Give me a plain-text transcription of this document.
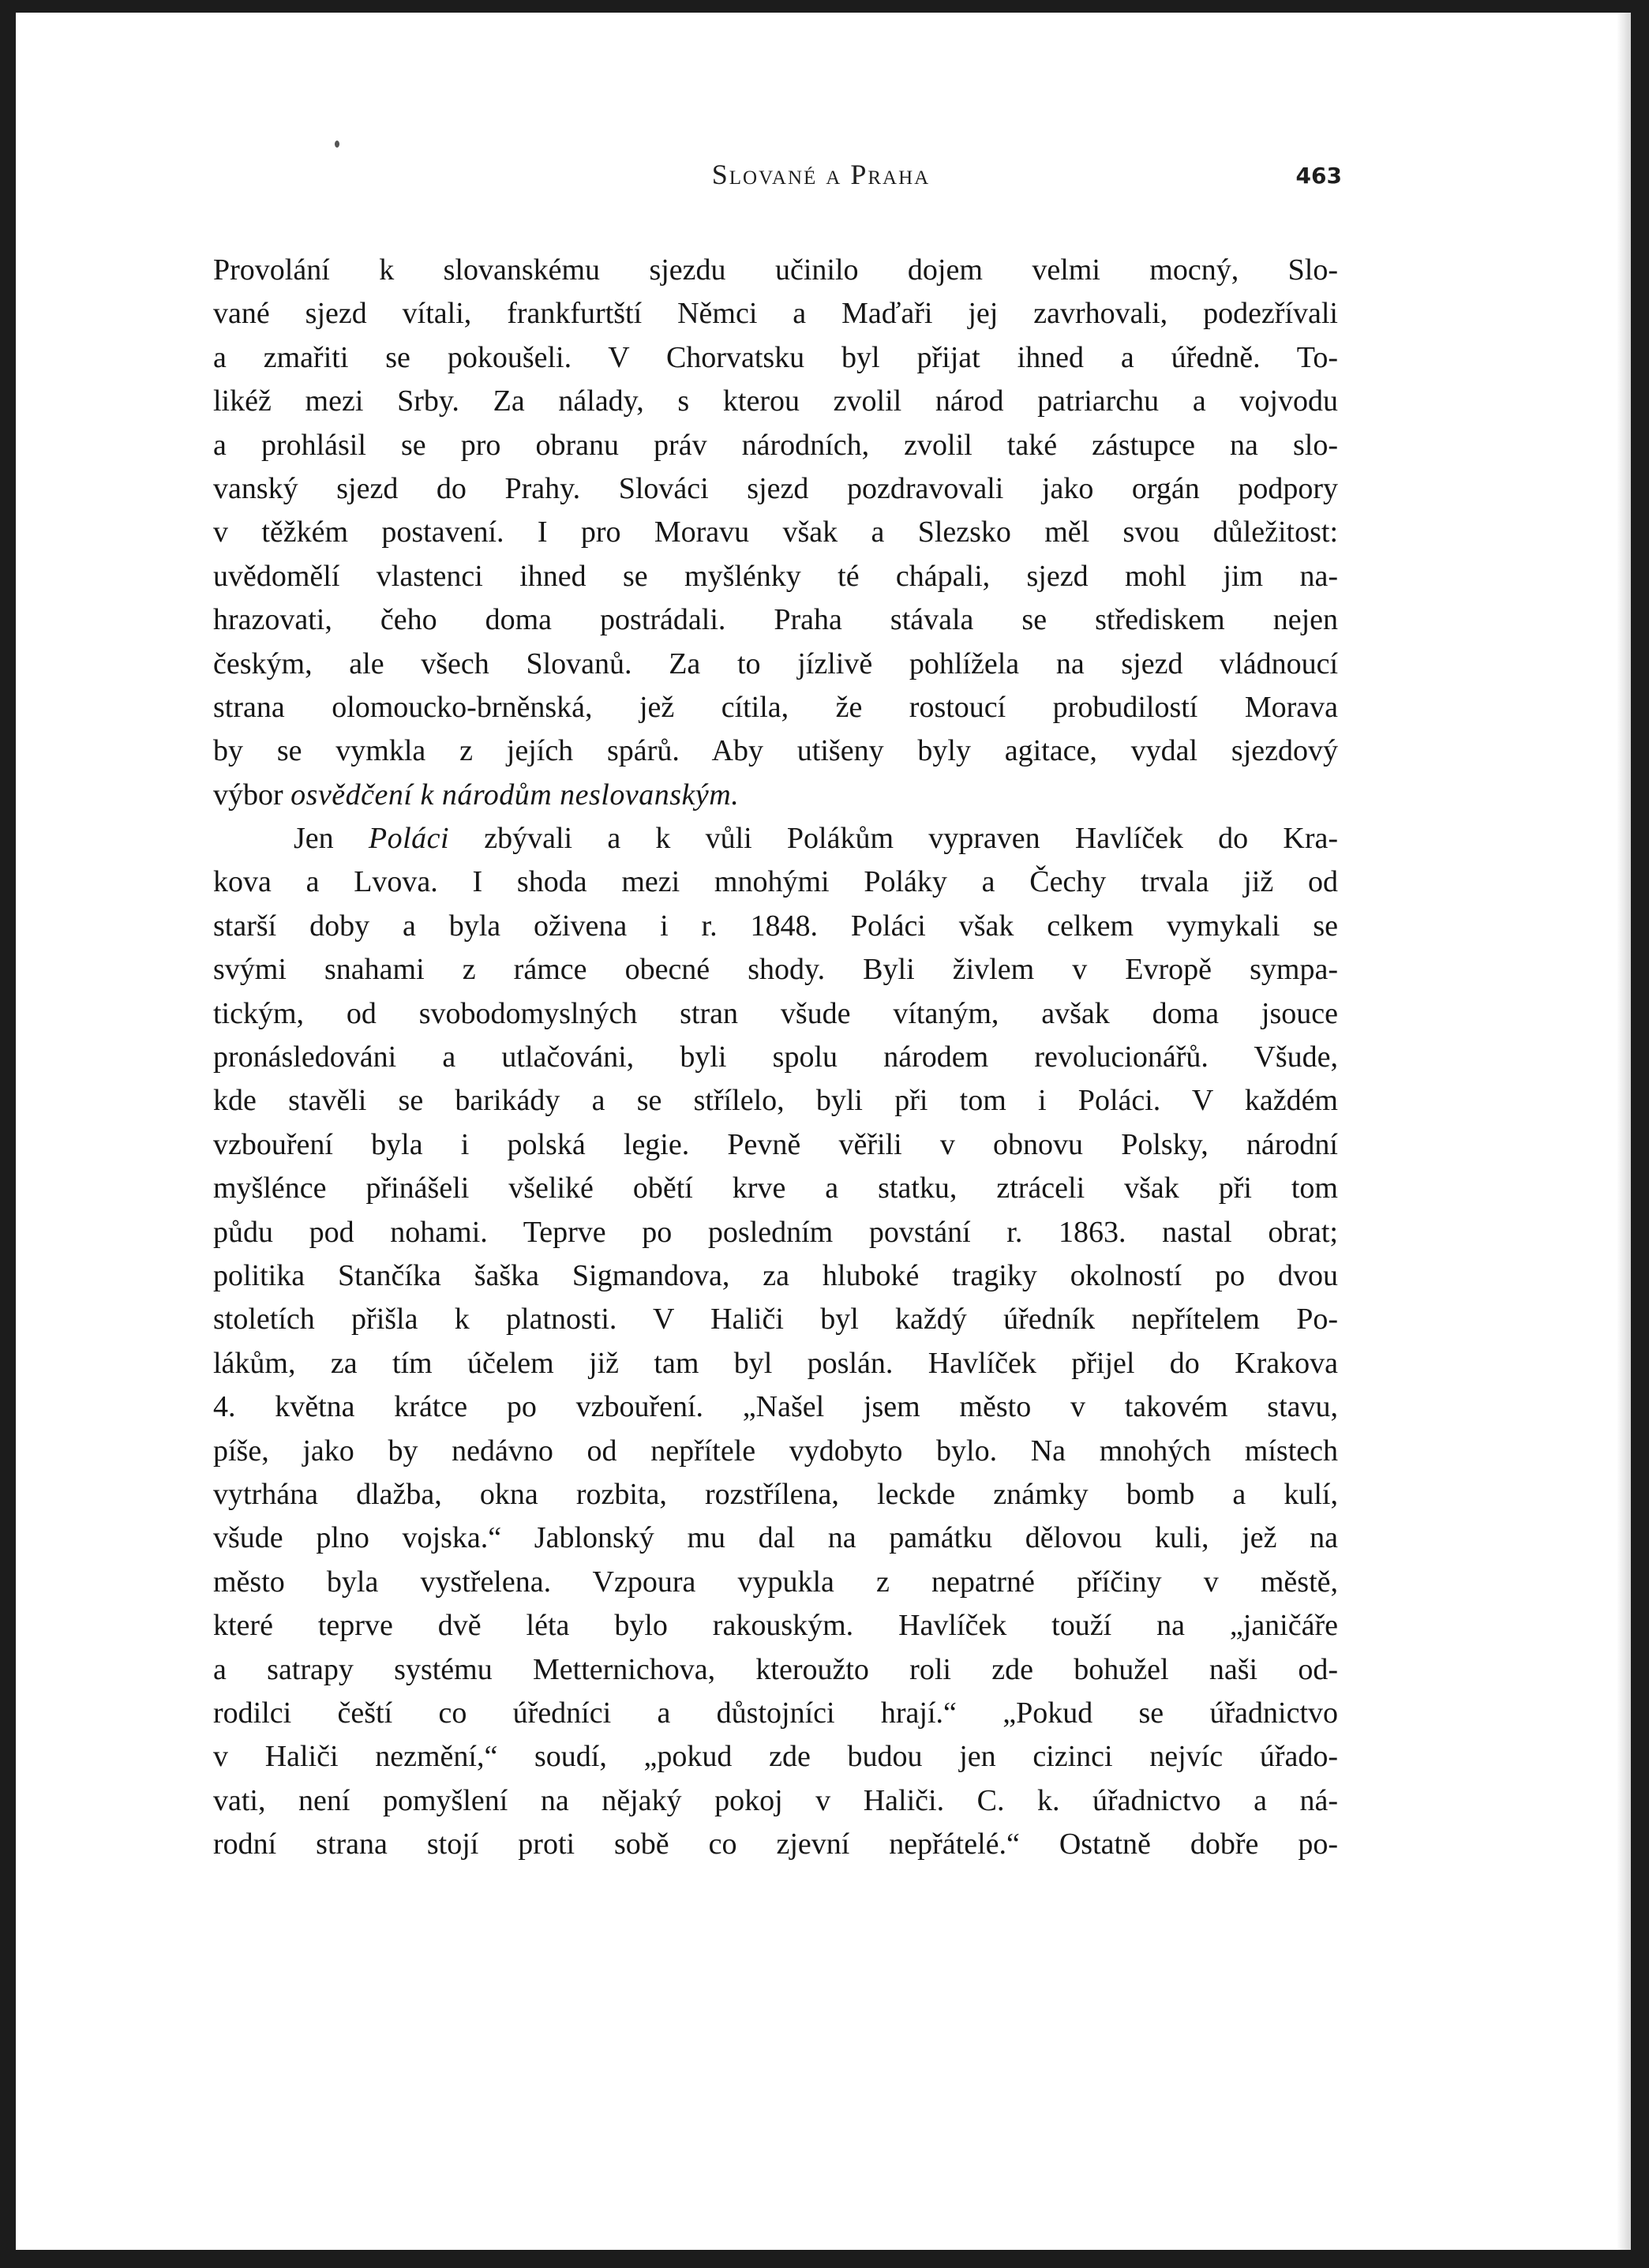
Slované a Praha	463
Provolání k slovanskému sjezdu učinilo dojem velmi mocný, Slo-
vané sjezd vítali, frankfurtští Němci a Maďaři jej zavrhovali, podezřívali
a zmařiti se pokoušeli. V Chorvatsku byl přijat ihned a úředně. To-
likéž mezi Srby. Za nálady, s kterou zvolil národ patriarchu a vojvodu
a prohlásil se pro obranu práv národních, zvolil také zástupce na slo-
vanský sjezd do Prahy. Slováci sjezd pozdravovali jako orgán podpory
v těžkém postavení. I pro Moravu však a Slezsko měl svou důležitost:
uvědomělí vlastenci ihned se myšlénky té chápali, sjezd mohl jim na-
hrazovati, čeho doma postrádali. Praha stávala se střediskem nejen
českým, ale všech Slovanů. Za to jízlivě pohlížela na sjezd vládnoucí
strana olomoucko-brněnská, jež cítila, že rostoucí probudilostí Morava
by se vymkla z jejích spárů. Aby utišeny byly agitace, vydal sjezdový
výbor osvědčení k národům neslovanským.
Jen Poláci zbývali a k vůli Polákům vypraven Havlíček do Kra-
kova a Lvova. I shoda mezi mnohými Poláky a Čechy trvala již od
starší doby a byla oživena i r. 1848. Poláci však celkem vymykali se
svými snahami z rámce obecné shody. Byli živlem v Evropě sympa-
tickým, od svobodomyslných stran všude vítaným, avšak doma jsouce
pronásledováni a utlačováni, byli spolu národem revolucionářů. Všude,
kde stavěli se barikády a se střílelo, byli při tom i Poláci. V každém
vzbouření byla i polská legie. Pevně věřili v obnovu Polsky, národní
myšlénce přinášeli všeliké obětí krve a statku, ztráceli však při tom
půdu pod nohami. Teprve po posledním povstání r. 1863. nastal obrat;
politika Stančíka šaška Sigmandova, za hluboké tragiky okolností po dvou
stoletích přišla k platnosti. V Haliči byl každý úředník nepřítelem Po-
lákům, za tím účelem již tam byl poslán. Havlíček přijel do Krakova
4. května krátce po vzbouření. „Našel jsem město v takovém stavu,
píše, jako by nedávno od nepřítele vydobyto bylo. Na mnohých místech
vytrhána dlažba, okna rozbita, rozstřílena, leckde známky bomb a kulí,
všude plno vojska.“ Jablonský mu dal na památku dělovou kuli, jež na
město byla vystřelena. Vzpoura vypukla z nepatrné příčiny v městě,
které teprve dvě léta bylo rakouským. Havlíček touží na „janičáře
a satrapy systému Metternichova, kteroužto roli zde bohužel naši od-
rodilci čeští co úředníci a důstojníci hrají.“ „Pokud se úřadnictvo
v Haliči nezmění,“ soudí, „pokud zde budou jen cizinci nejvíc úřado-
vati, není pomyšlení na nějaký pokoj v Haliči. C. k. úřadnictvo a ná-
rodní strana stojí proti sobě co zjevní nepřátelé.“ Ostatně dobře po-
